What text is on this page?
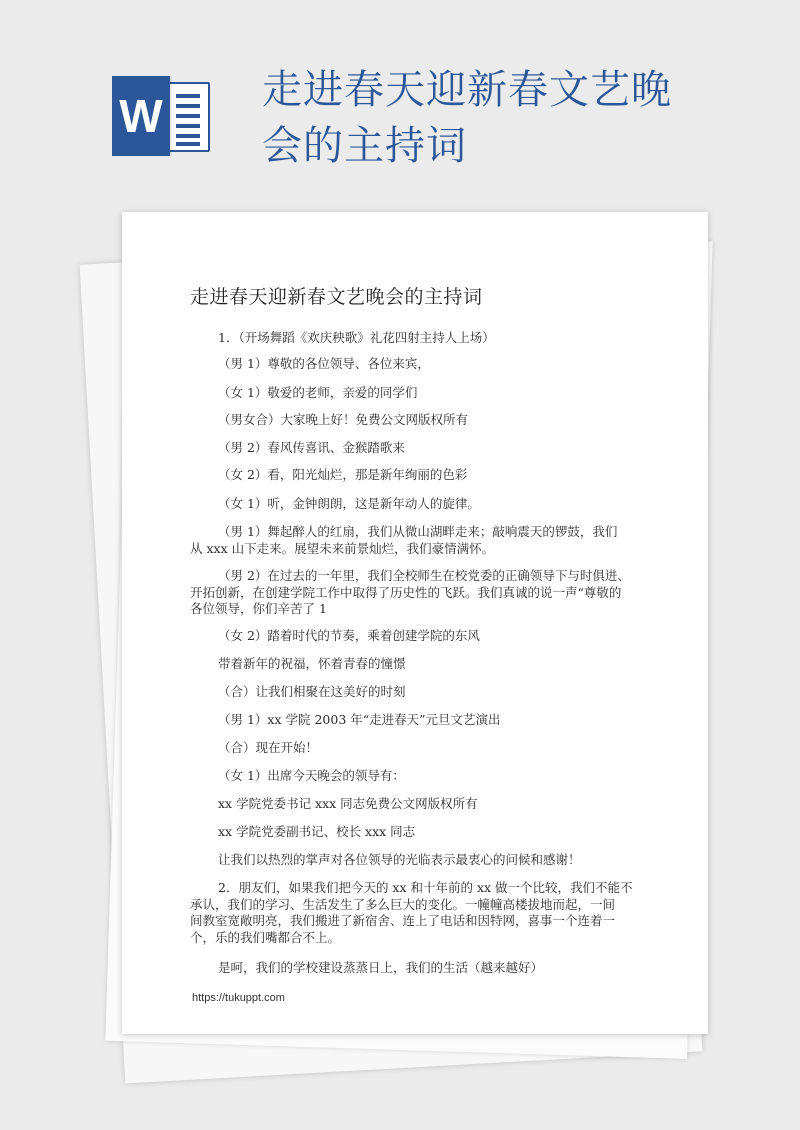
W 走进春天迎新春文艺晚
会的主持词
走进春天迎新春文艺晚会的主持词

1．（开场舞蹈《欢庆秧歌》礼花四射主持人上场）

（男 1）尊敬的各位领导、各位来宾，

（女 1）敬爱的老师，亲爱的同学们

（男女合）大家晚上好！免费公文网版权所有

（男 2）春风传喜讯、金猴踏歌来

（女 2）看，阳光灿烂，那是新年绚丽的色彩

（女 1）听，金钟朗朗，这是新年动人的旋律。

（男 1）舞起醉人的红扇，我们从微山湖畔走来；敲响震天的锣鼓，我们

从 xxx 山下走来。展望未来前景灿烂，我们豪情满怀。

（男 2）在过去的一年里，我们全校师生在校党委的正确领导下与时俱进、

开拓创新，在创建学院工作中取得了历史性的飞跃。我们真诚的说一声“尊敬的

各位领导，你们辛苦了 1

（女 2）踏着时代的节奏，乘着创建学院的东风

带着新年的祝福，怀着青春的憧憬

（合）让我们相聚在这美好的时刻

（男 1）xx 学院 2003 年“走进春天”元旦文艺演出

（合）现在开始！

（女 1）出席今天晚会的领导有：

xx 学院党委书记 xxx 同志免费公文网版权所有

xx 学院党委副书记、校长 xxx 同志

让我们以热烈的掌声对各位领导的光临表示最衷心的问候和感谢！

2．朋友们，如果我们把今天的 xx 和十年前的 xx 做一个比较，我们不能不

承认，我们的学习、生活发生了多么巨大的变化。一幢幢高楼拔地而起，一间

间教室宽敞明亮，我们搬进了新宿舍、连上了电话和因特网，喜事一个连着一

个，乐的我们嘴都合不上。

是呵，我们的学校建设蒸蒸日上，我们的生活（越来越好）

https://tukuppt.com
